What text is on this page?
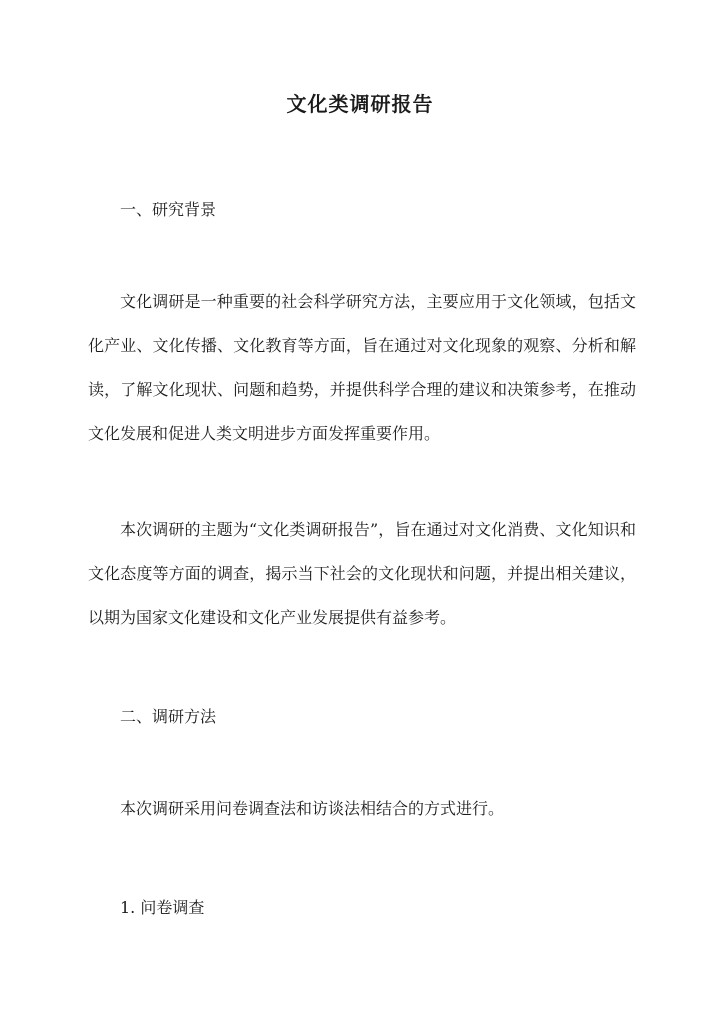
文化类调研报告
一、研究背景
文化调研是一种重要的社会科学研究方法，主要应用于文化领域，包括文化产业、文化传播、文化教育等方面，旨在通过对文化现象的观察、分析和解读，了解文化现状、问题和趋势，并提供科学合理的建议和决策参考，在推动文化发展和促进人类文明进步方面发挥重要作用。
本次调研的主题为“文化类调研报告”，旨在通过对文化消费、文化知识和文化态度等方面的调查，揭示当下社会的文化现状和问题，并提出相关建议，以期为国家文化建设和文化产业发展提供有益参考。
二、调研方法
本次调研采用问卷调查法和访谈法相结合的方式进行。
1. 问卷调查
